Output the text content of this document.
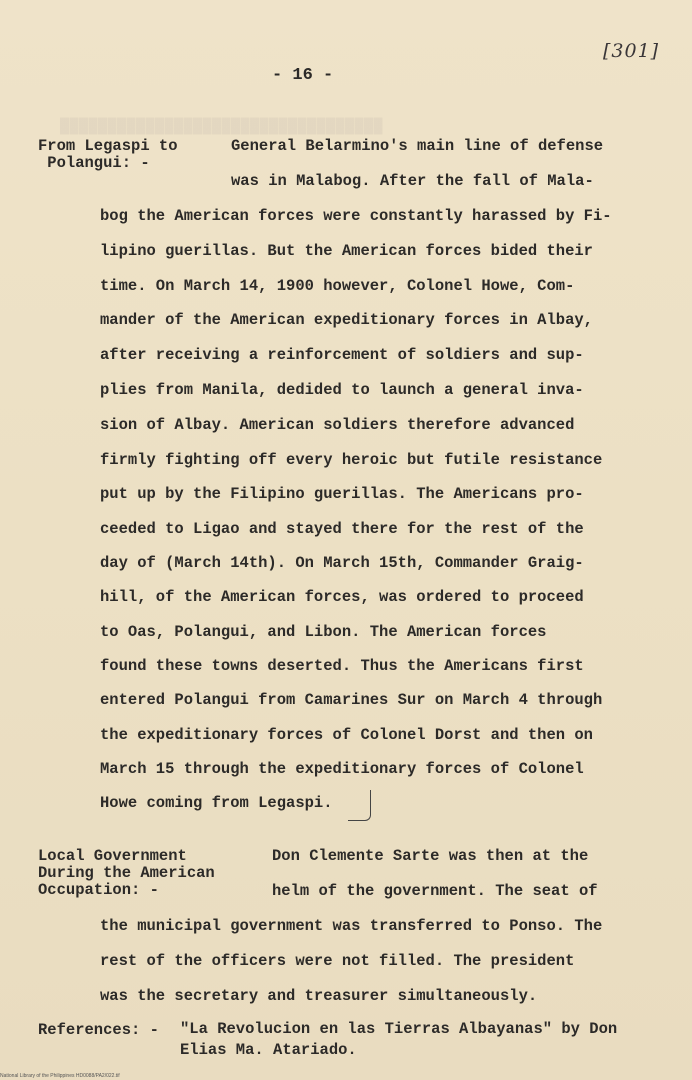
██████████████████████████████████
[301]
- 16 -
From Legaspi to
Polangui: -
General Belarmino's main line of defense
was in Malabog. After the fall of Mala-
bog the American forces were constantly harassed by Fi-
lipino guerillas. But the American forces bided their
time. On March 14, 1900 however, Colonel Howe, Com-
mander of the American expeditionary forces in Albay,
after receiving a reinforcement of soldiers and sup-
plies from Manila, dedided to launch a general inva-
sion of Albay. American soldiers therefore advanced
firmly fighting off every heroic but futile resistance
put up by the Filipino guerillas. The Americans pro-
ceeded to Ligao and stayed there for the rest of the
day of (March 14th). On March 15th, Commander Graig-
hill, of the American forces, was ordered to proceed
to Oas, Polangui, and Libon. The American forces
found these towns deserted. Thus the Americans first
entered Polangui from Camarines Sur on March 4 through
the expeditionary forces of Colonel Dorst and then on
March 15 through the expeditionary forces of Colonel
Howe coming from Legaspi.
Local Government
During the American
Occupation: -
Don Clemente Sarte was then at the
helm of the government. The seat of
the municipal government was transferred to Ponso. The
rest of the officers were not filled. The president
was the secretary and treasurer simultaneously.
References: - "La Revolucion en las Tierras Albayanas" by Don
Elias Ma. Atariado.
National Library of the Philippines HD0088/PA2/022.tif
